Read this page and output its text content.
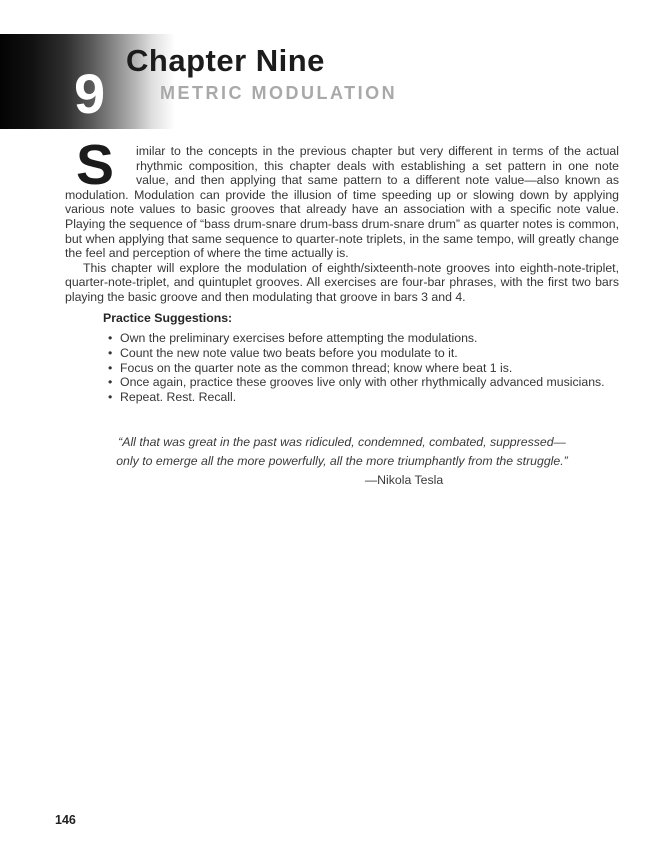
9
Chapter Nine
METRIC MODULATION

S	imilar to the concepts in the previous chapter but very different in terms of the actual rhythmic composition, this chapter deals with establishing a set pattern in one note value, and then applying that same pattern to a different note value—also known as modulation. Modulation can provide the illusion of time speeding up or slowing down by applying various note values to basic grooves that already have an association with a specific note value. Playing the sequence of “bass drum-snare drum-bass drum-snare drum” as quarter notes is common, but when applying that same sequence to quarter-note triplets, in the same tempo, will greatly change the feel and perception of where the time actually is.

This chapter will explore the modulation of eighth/sixteenth-note grooves into eighth-note-triplet, quarter-note-triplet, and quintuplet grooves. All exercises are four-bar phrases, with the first two bars playing the basic groove and then modulating that groove in bars 3 and 4.

Practice Suggestions:
• Own the preliminary exercises before attempting the modulations.
• Count the new note value two beats before you modulate to it.
• Focus on the quarter note as the common thread; know where beat 1 is.
• Once again, practice these grooves live only with other rhythmically advanced musicians.
• Repeat. Rest. Recall.
“All that was great in the past was ridiculed, condemned, combated, suppressed—
only to emerge all the more powerfully, all the more triumphantly from the struggle.”
—Nikola Tesla
146
